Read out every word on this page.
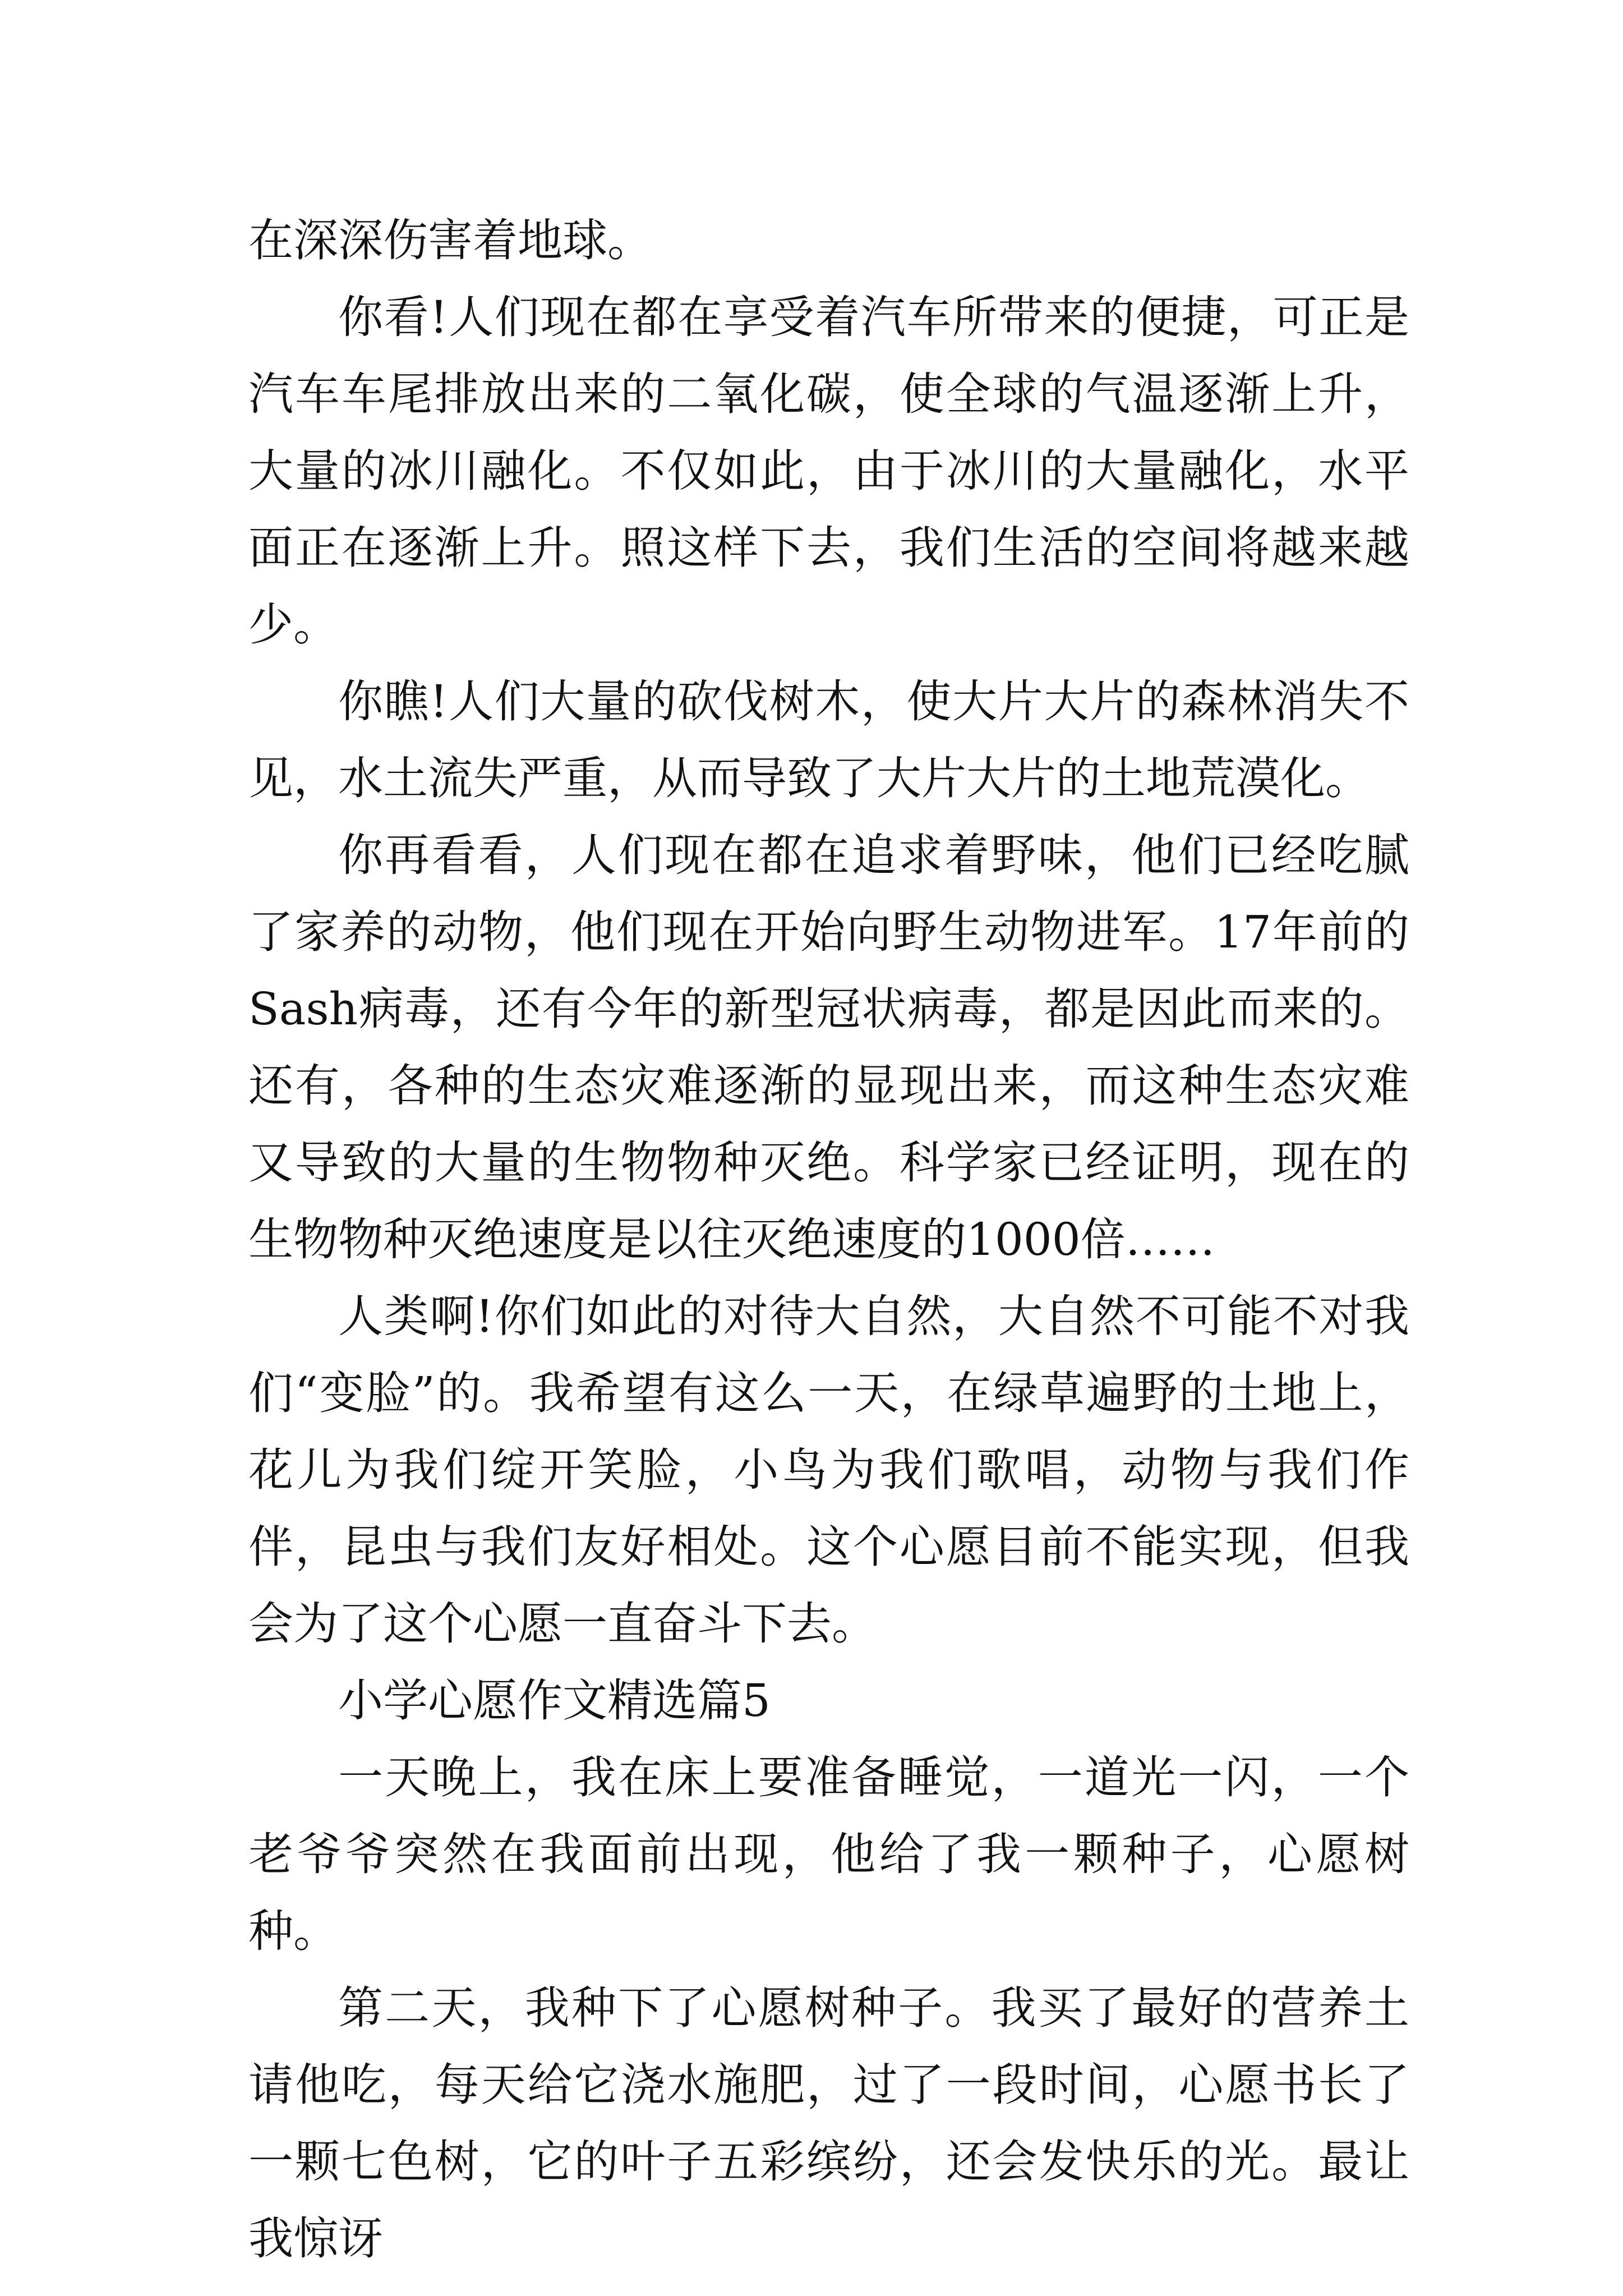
在深深伤害着地球。

你看!人们现在都在享受着汽车所带来的便捷，可正是汽车车尾排放出来的二氧化碳，使全球的气温逐渐上升，大量的冰川融化。不仅如此，由于冰川的大量融化，水平面正在逐渐上升。照这样下去，我们生活的空间将越来越少。

你瞧!人们大量的砍伐树木，使大片大片的森林消失不见，水土流失严重，从而导致了大片大片的土地荒漠化。

你再看看，人们现在都在追求着野味，他们已经吃腻了家养的动物，他们现在开始向野生动物进军。17年前的Sash病毒，还有今年的新型冠状病毒，都是因此而来的。还有，各种的生态灾难逐渐的显现出来，而这种生态灾难又导致的大量的生物物种灭绝。科学家已经证明，现在的生物物种灭绝速度是以往灭绝速度的1000倍……

人类啊!你们如此的对待大自然，大自然不可能不对我们“变脸”的。我希望有这么一天，在绿草遍野的土地上，花儿为我们绽开笑脸，小鸟为我们歌唱，动物与我们作伴，昆虫与我们友好相处。这个心愿目前不能实现，但我会为了这个心愿一直奋斗下去。

小学心愿作文精选篇5

一天晚上，我在床上要准备睡觉，一道光一闪，一个老爷爷突然在我面前出现，他给了我一颗种子，心愿树种。

第二天，我种下了心愿树种子。我买了最好的营养土请他吃，每天给它浇水施肥，过了一段时间，心愿书长了一颗七色树，它的叶子五彩缤纷，还会发快乐的光。最让我惊讶
